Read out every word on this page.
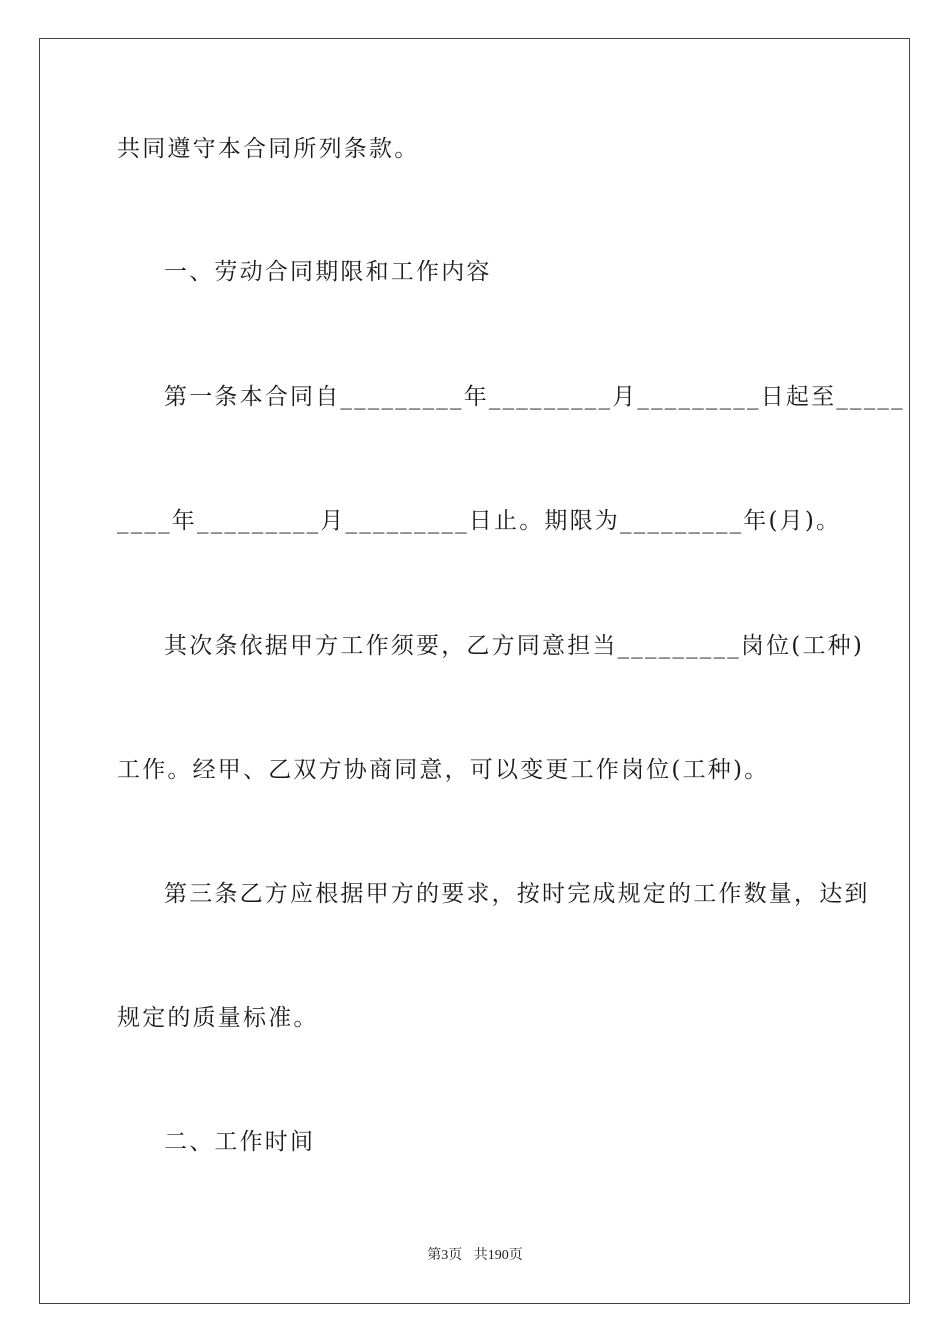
共同遵守本合同所列条款。
一、劳动合同期限和工作内容
第一条本合同自_________年_________月_________日起至_____
____年_________月_________日止。期限为_________年(月)。
其次条依据甲方工作须要，乙方同意担当_________岗位(工种)
工作。经甲、乙双方协商同意，可以变更工作岗位(工种)。
第三条乙方应根据甲方的要求，按时完成规定的工作数量，达到
规定的质量标准。
二、工作时间
第3页 共190页
